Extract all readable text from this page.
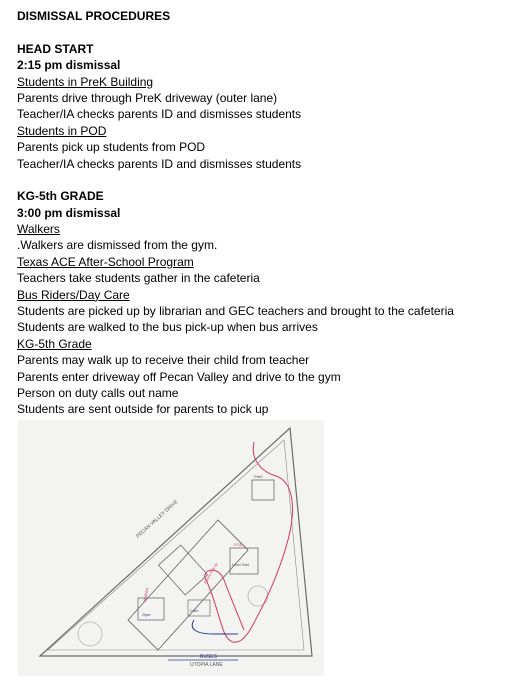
DISMISSAL PROCEDURES
HEAD START
2:15 pm dismissal
Students in PreK Building
Parents drive through PreK driveway (outer lane)
Teacher/IA checks parents ID and dismisses students
Students in POD
Parents pick up students from POD
Teacher/IA checks parents ID and dismisses students
KG-5th GRADE
3:00 pm dismissal
Walkers
.Walkers are dismissed from the gym.
Texas ACE After-School Program
Teachers take students gather in the cafeteria
Bus Riders/Day Care
Students are picked up by librarian and GEC teachers and brought to the cafeteria
Students are walked to the bus pick-up when bus arrives
KG-5th Grade
Parents may walk up to receive their child from teacher
Parents enter driveway off Pecan Valley and drive to the gym
Person on duty calls out name
Students are sent outside for parents to pick up
PECAN VALLEY DRIVE
UTOPIA LANE
PreK
POD
Walkers
Gym
Cafe
Head Start
Parent Pick-up
BUSES
